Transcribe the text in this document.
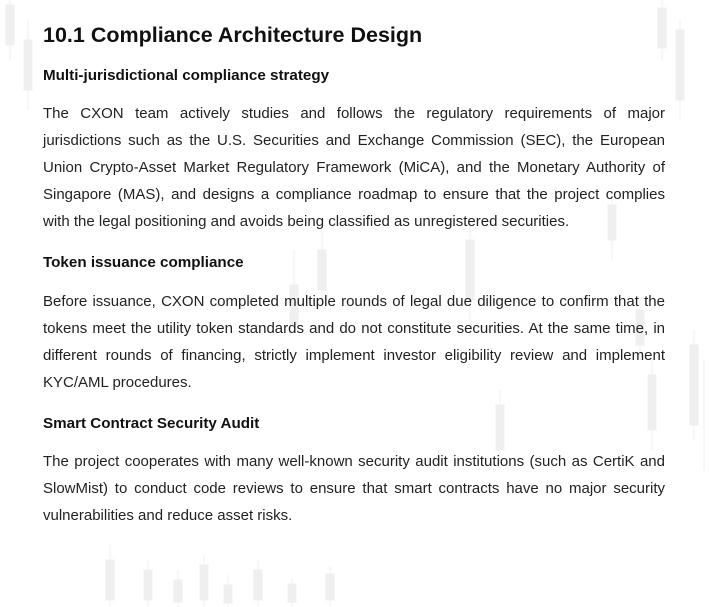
10.1 Compliance Architecture Design
Multi-jurisdictional compliance strategy

The CXON team actively studies and follows the regulatory requirements of major jurisdictions such as the U.S. Securities and Exchange Commission (SEC), the European Union Crypto-Asset Market Regulatory Framework (MiCA), and the Monetary Authority of Singapore (MAS), and designs a compliance roadmap to ensure that the project complies with the legal positioning and avoids being classified as unregistered securities.

Token issuance compliance

Before issuance, CXON completed multiple rounds of legal due diligence to confirm that the tokens meet the utility token standards and do not constitute securities. At the same time, in different rounds of financing, strictly implement investor eligibility review and implement KYC/AML procedures.

Smart Contract Security Audit

The project cooperates with many well-known security audit institutions (such as CertiK and SlowMist) to conduct code reviews to ensure that smart contracts have no major security vulnerabilities and reduce asset risks.
